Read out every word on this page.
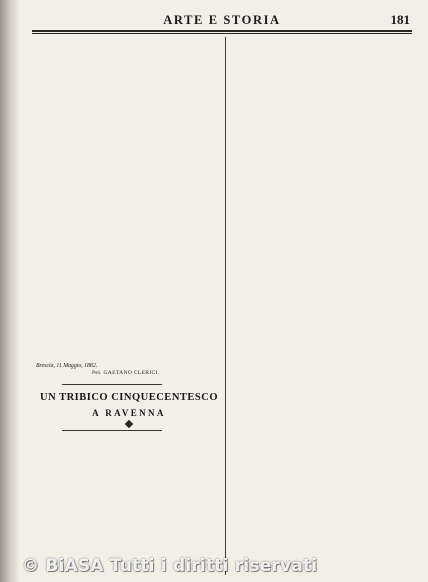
ARTE E STORIA	181
Pel. GAETANO CLERICI.
Brescia, 11 Maggio, 1882.
UN TRIBICO CINQUECENTESCO
A RAVENNA
© BiASA Tutti i diritti riservati
